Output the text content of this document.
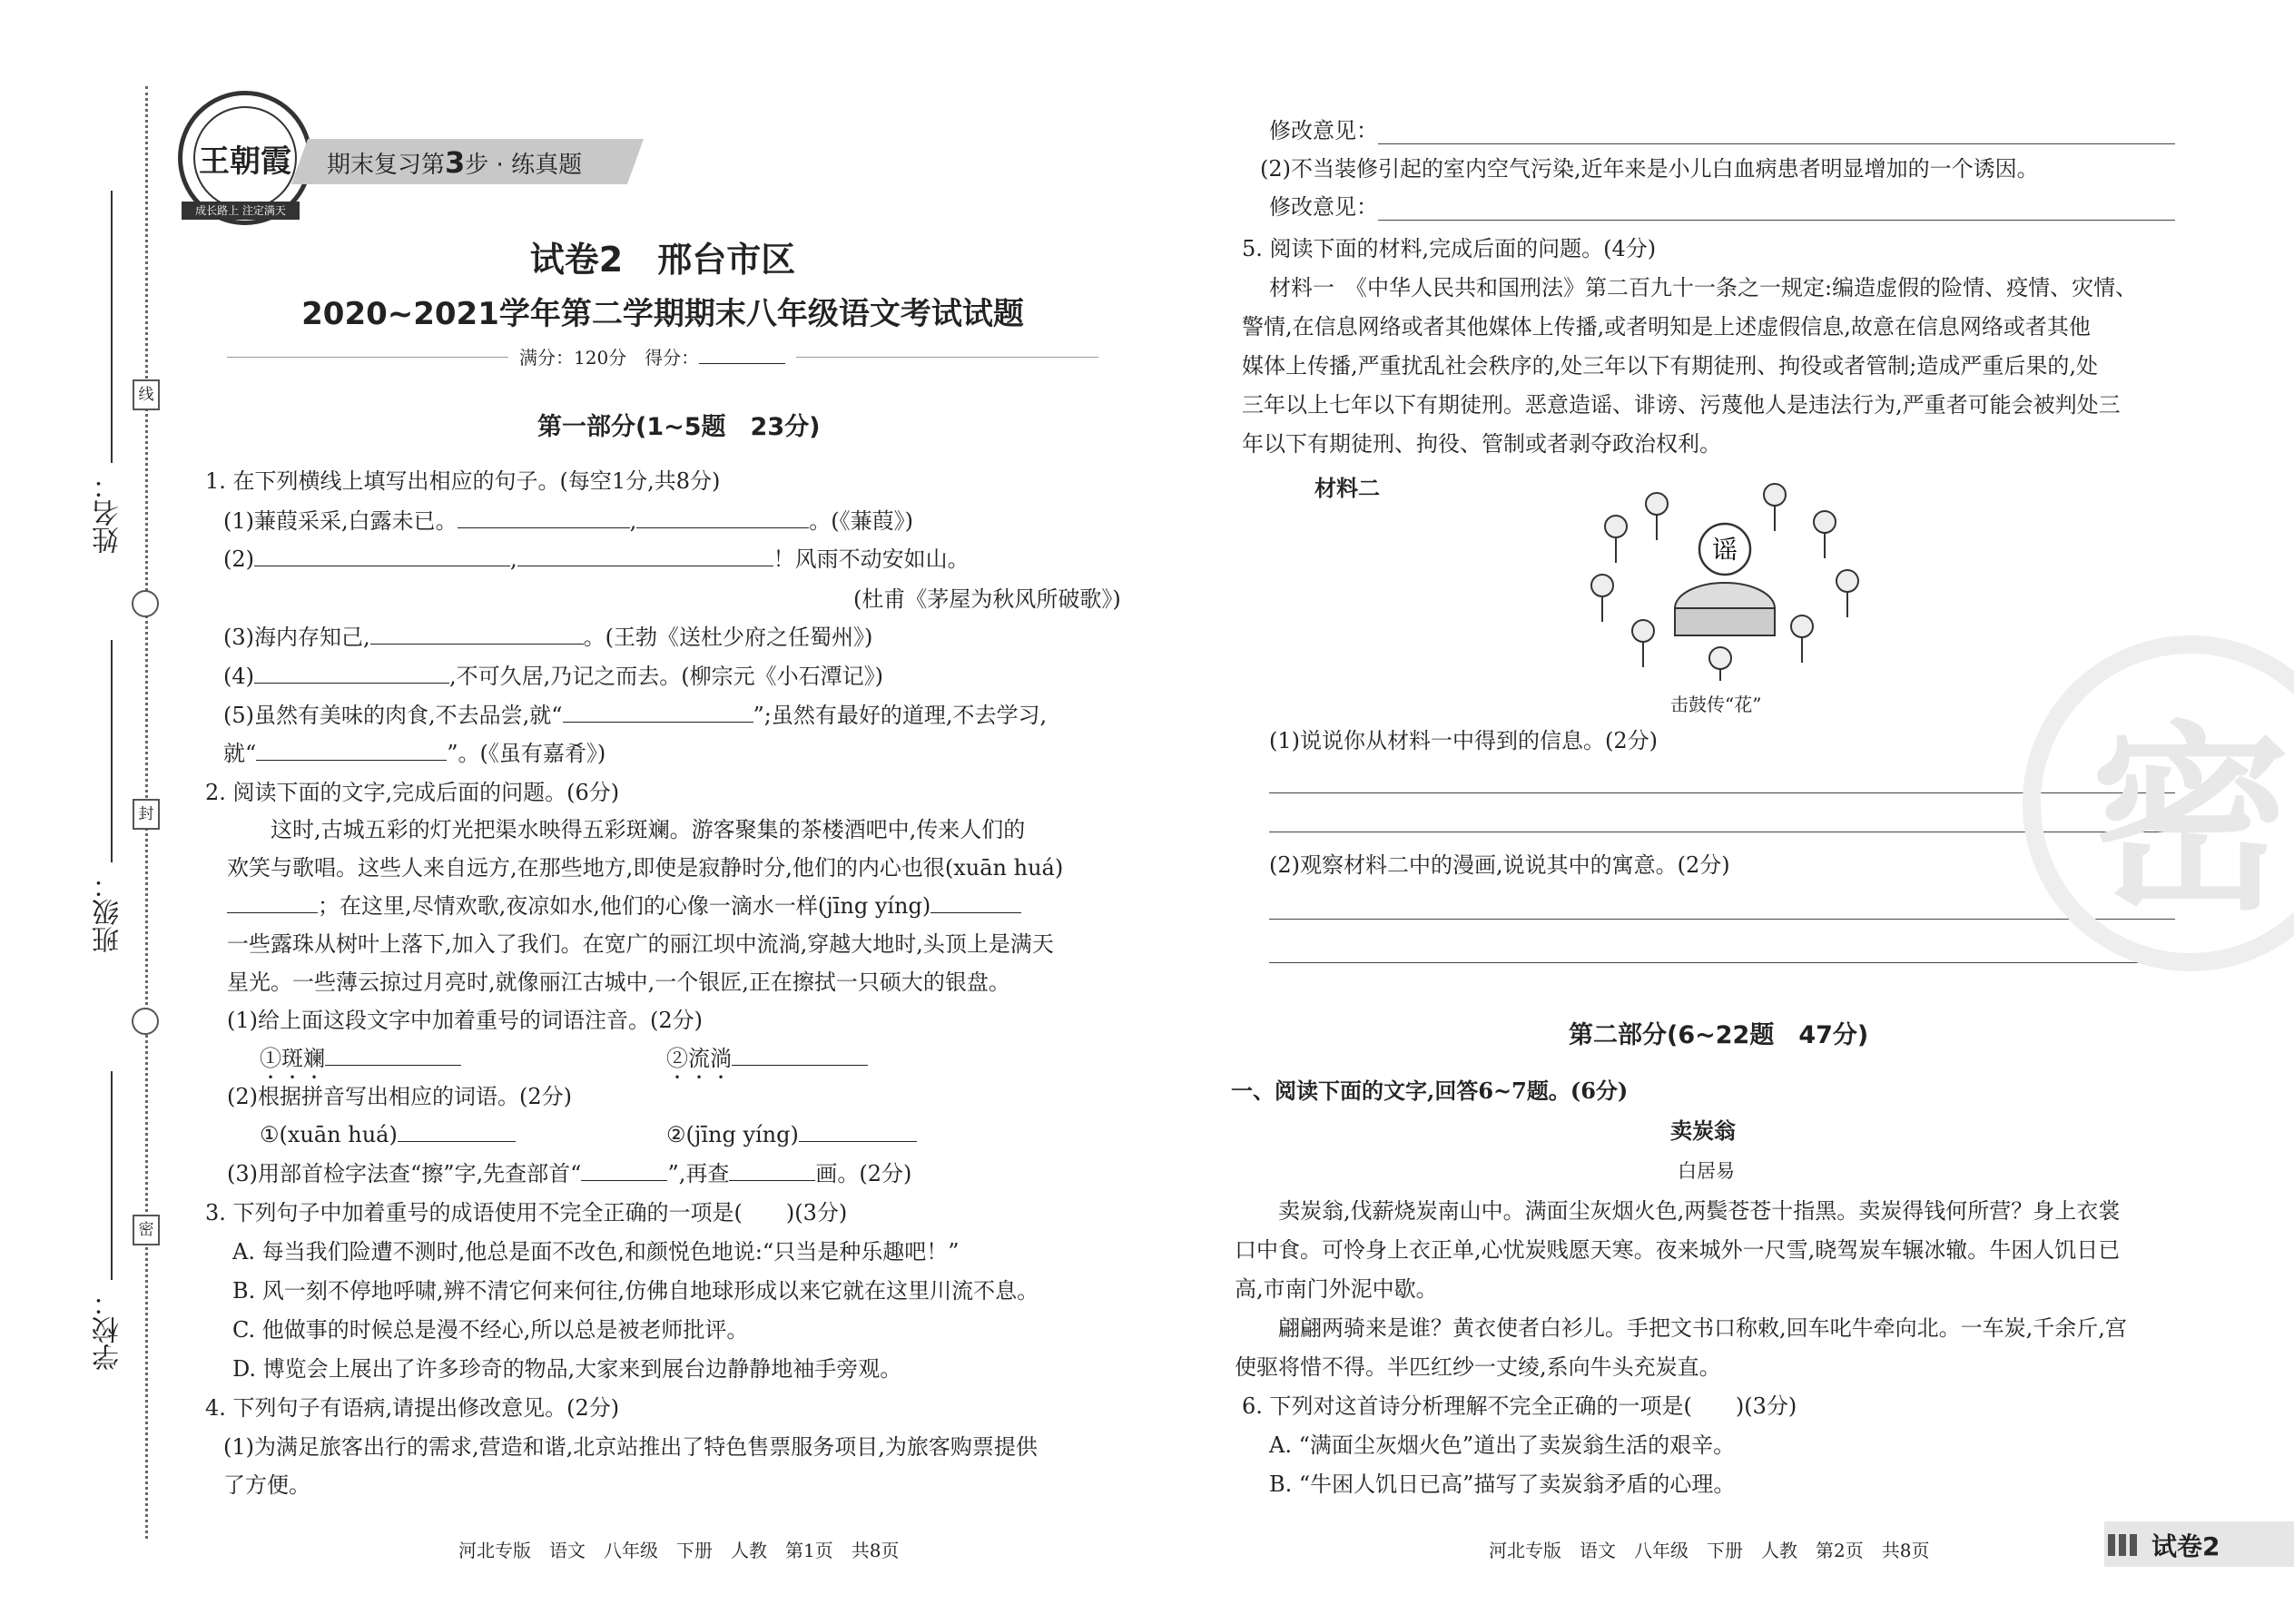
线
封
密
姓名：
班级：
学校：
王朝霞
成长路上 注定满天
期末复习第3步 · 练真题
试卷2　邢台市区
2020~2021学年第二学期期末八年级语文考试试题
满分：120分　得分：
第一部分(1~5题　23分)
1. 在下列横线上填写出相应的句子。(每空1分,共8分)
(1)蒹葭采采,白露未已。	,	。(《蒹葭》)
(2)	,	！风雨不动安如山。
(杜甫《茅屋为秋风所破歌》)
(3)海内存知己,	。(王勃《送杜少府之任蜀州》)
(4)	,不可久居,乃记之而去。(柳宗元《小石潭记》)
(5)虽然有美味的肉食,不去品尝,就“	”;虽然有最好的道理,不去学习,
就“	”。(《虽有嘉肴》)
2. 阅读下面的文字,完成后面的问题。(6分)
这时,古城五彩的灯光把渠水映得五彩斑斓。游客聚集的茶楼酒吧中,传来人们的
欢笑与歌唱。这些人来自远方,在那些地方,即使是寂静时分,他们的内心也很(xuān huá)
；在这里,尽情欢歌,夜凉如水,他们的心像一滴水一样(jīng yíng)
一些露珠从树叶上落下,加入了我们。在宽广的丽江坝中流淌,穿越大地时,头顶上是满天
星光。一些薄云掠过月亮时,就像丽江古城中,一个银匠,正在擦拭一只硕大的银盘。
(1)给上面这段文字中加着重号的词语注音。(2分)
①斑斓	②流淌
(2)根据拼音写出相应的词语。(2分)
①(xuān huá)	②(jīng yíng)
(3)用部首检字法查“擦”字,先查部首“	”,再查	画。(2分)
3. 下列句子中加着重号的成语使用不完全正确的一项是(　　)(3分)
A. 每当我们险遭不测时,他总是面不改色,和颜悦色地说:“只当是种乐趣吧！”
B. 风一刻不停地呼啸,辨不清它何来何往,仿佛自地球形成以来它就在这里川流不息。
C. 他做事的时候总是漫不经心,所以总是被老师批评。
D. 博览会上展出了许多珍奇的物品,大家来到展台边静静地袖手旁观。
4. 下列句子有语病,请提出修改意见。(2分)
(1)为满足旅客出行的需求,营造和谐,北京站推出了特色售票服务项目,为旅客购票提供
了方便。
河北专版　语文　八年级　下册　人教　第1页　共8页
修改意见：
(2)不当装修引起的室内空气污染,近年来是小儿白血病患者明显增加的一个诱因。
修改意见：
5. 阅读下面的材料,完成后面的问题。(4分)
材料一　《中华人民共和国刑法》第二百九十一条之一规定:编造虚假的险情、疫情、灾情、
警情,在信息网络或者其他媒体上传播,或者明知是上述虚假信息,故意在信息网络或者其他
媒体上传播,严重扰乱社会秩序的,处三年以下有期徒刑、拘役或者管制;造成严重后果的,处
三年以上七年以下有期徒刑。恶意造谣、诽谤、污蔑他人是违法行为,严重者可能会被判处三
年以下有期徒刑、拘役、管制或者剥夺政治权利。
材料二
谣
击鼓传“花”
(1)说说你从材料一中得到的信息。(2分)
(2)观察材料二中的漫画,说说其中的寓意。(2分)	密
第二部分(6~22题　47分)
一、阅读下面的文字,回答6~7题。(6分)
卖炭翁
白居易
卖炭翁,伐薪烧炭南山中。满面尘灰烟火色,两鬓苍苍十指黑。卖炭得钱何所营？身上衣裳
口中食。可怜身上衣正单,心忧炭贱愿天寒。夜来城外一尺雪,晓驾炭车辗冰辙。牛困人饥日已
高,市南门外泥中歇。
翩翩两骑来是谁？黄衣使者白衫儿。手把文书口称敕,回车叱牛牵向北。一车炭,千余斤,宫
使驱将惜不得。半匹红纱一丈绫,系向牛头充炭直。
6. 下列对这首诗分析理解不完全正确的一项是(　　)(3分)
A. “满面尘灰烟火色”道出了卖炭翁生活的艰辛。
B. “牛困人饥日已高”描写了卖炭翁矛盾的心理。
河北专版　语文　八年级　下册　人教　第2页　共8页	试卷2
